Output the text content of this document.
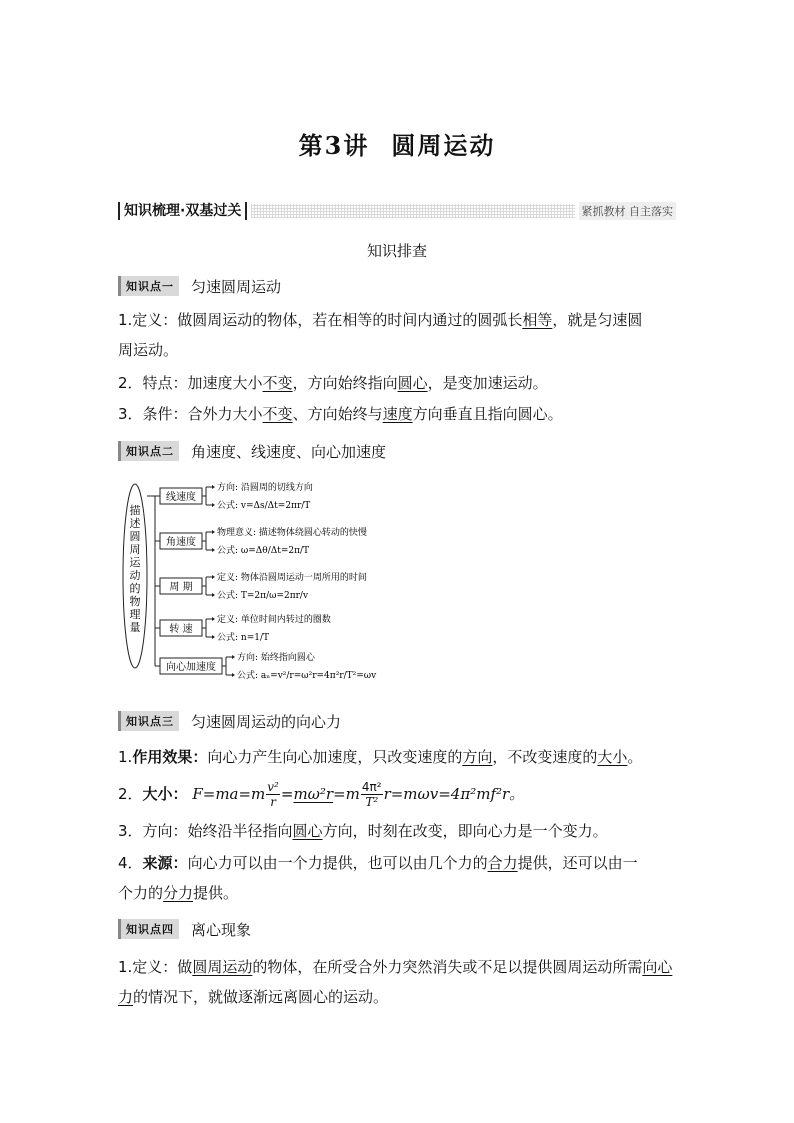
第3讲 圆周运动
知识梳理·双基过关	紧抓教材 自主落实
知识排查
知识点一	匀速圆周运动
1.定义：做圆周运动的物体，若在相等的时间内通过的圆弧长相等，就是匀速圆
周运动。
2．特点：加速度大小不变，方向始终指向圆心，是变加速运动。
3．条件：合外力大小不变、方向始终与速度方向垂直且指向圆心。
知识点二	角速度、线速度、向心加速度
描述圆周运动的物理量
线速度
方向: 沿圆周的切线方向
公式: v=Δs/Δt=2πr/T
角速度
物理意义: 描述物体绕圆心转动的快慢
公式: ω=Δθ/Δt=2π/T
周 期
定义: 物体沿圆周运动一周所用的时间
公式: T=2π/ω=2πr/v
转 速
定义: 单位时间内转过的圈数
公式: n=1/T
向心加速度
方向: 始终指向圆心
公式: aₙ=v²/r=ω²r=4π²r/T²=ωv
知识点三	匀速圆周运动的向心力
1.作用效果：向心力产生向心加速度，只改变速度的方向，不改变速度的大小。
2．大小： $F=ma=m \frac{\text{v²}}{r} =m\omega^2r=m \frac{\text{4π²}}{\text{T²}} r=m\omega v=4\pi^2mf^2r$。
3．方向：始终沿半径指向圆心方向，时刻在改变，即向心力是一个变力。
4．来源：向心力可以由一个力提供，也可以由几个力的合力提供，还可以由一
个力的分力提供。
知识点四	离心现象
1.定义：做圆周运动的物体，在所受合外力突然消失或不足以提供圆周运动所需向心力的情况下，就做逐渐远离圆心的运动。
